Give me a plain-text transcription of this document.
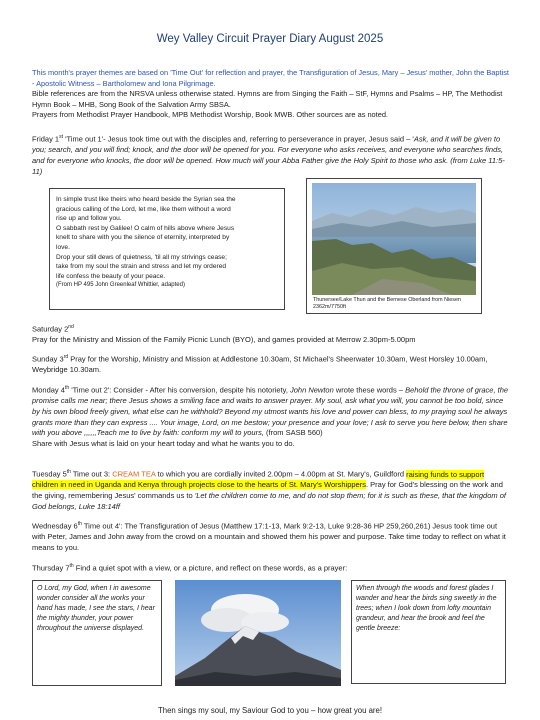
Wey Valley Circuit Prayer Diary August 2025
This month's prayer themes are based on 'Time Out' for reflection and prayer, the Transfiguration of Jesus, Mary – Jesus' mother, John the Baptist - Apostolic Witness – Bartholomew and Iona Pilgrimage.
Bible references are from the NRSVA unless otherwise stated. Hymns are from Singing the Faith – StF, Hymns and Psalms – HP, The Methodist Hymn Book – MHB, Song Book of the Salvation Army SBSA.
Prayers from Methodist Prayer Handbook, MPB Methodist Worship, Book MWB. Other sources are as noted.
Friday 1st 'Time out 1'- Jesus took time out with the disciples and, referring to perseverance in prayer, Jesus said – 'Ask, and it will be given to you; search, and you will find; knock, and the door will be opened for you. For everyone who asks receives, and everyone who searches finds, and for everyone who knocks, the door will be opened. How much will your Abba Father give the Holy Spirit to those who ask. (from Luke 11:5-11)
In simple trust like theirs who heard beside the Syrian sea the
gracious calling of the Lord, let me, like them without a word
rise up and follow you.
O sabbath rest by Galilee! O calm of hills above where Jesus
knelt to share with you the silence of eternity, interpreted by
love.
Drop your still dews of quietness, 'til all my strivings cease;
take from my soul the strain and stress and let my ordered
life confess the beauty of your peace.
(From HP 495 John Greenleaf Whittier, adapted)
Thunersee/Lake Thun and the Bernese Oberland from Niesen 2362m/7750ft
Saturday 2nd
Pray for the Ministry and Mission of the Family Picnic Lunch (BYO), and games provided at Merrow 2.30pm-5.00pm
Sunday 3rd Pray for the Worship, Ministry and Mission at Addlestone 10.30am, St Michael's Sheerwater 10.30am, West Horsley 10.00am, Weybridge 10.30am.
Monday 4th 'Time out 2': Consider - After his conversion, despite his notoriety, John Newton wrote these words – Behold the throne of grace, the promise calls me near; there Jesus shows a smiling face and waits to answer prayer. My soul, ask what you will, you cannot be too bold, since by his own blood freely given, what else can he withhold? Beyond my utmost wants his love and power can bless, to my praying soul he always grants more than they can express .... Your image, Lord, on me bestow; your presence and your love; I ask to serve you here below, then share with you above ,,,,,,Teach me to live by faith: conform my will to yours, (from SASB 560)
Share with Jesus what is laid on your heart today and what he wants you to do.
Tuesday 5th Time out 3: CREAM TEA to which you are cordially invited 2.00pm – 4.00pm at St. Mary's, Guildford raising funds to support children in need in Uganda and Kenya through projects close to the hearts of St. Mary's Worshippers. Pray for God's blessing on the work and the giving, remembering Jesus' commands us to 'Let the children come to me, and do not stop them; for it is such as these, that the kingdom of God belongs, Luke 18:14ff
Wednesday 6th Time out 4': The Transfiguration of Jesus (Matthew 17:1-13, Mark 9:2-13, Luke 9:28-36 HP 259,260,261) Jesus took time out with Peter, James and John away from the crowd on a mountain and showed them his power and purpose. Take time today to reflect on what it means to you.
Thursday 7th Find a quiet spot with a view, or a picture, and reflect on these words, as a prayer:
O Lord, my God, when I in awesome wonder consider all the works your hand has made, I see the stars, I hear the mighty thunder, your power throughout the universe displayed.
When through the woods and forest glades I wander and hear the birds sing sweetly in the trees; when I look down from lofty mountain grandeur, and hear the brook and feel the gentle breeze:
Then sings my soul, my Saviour God to you – how great you are!
